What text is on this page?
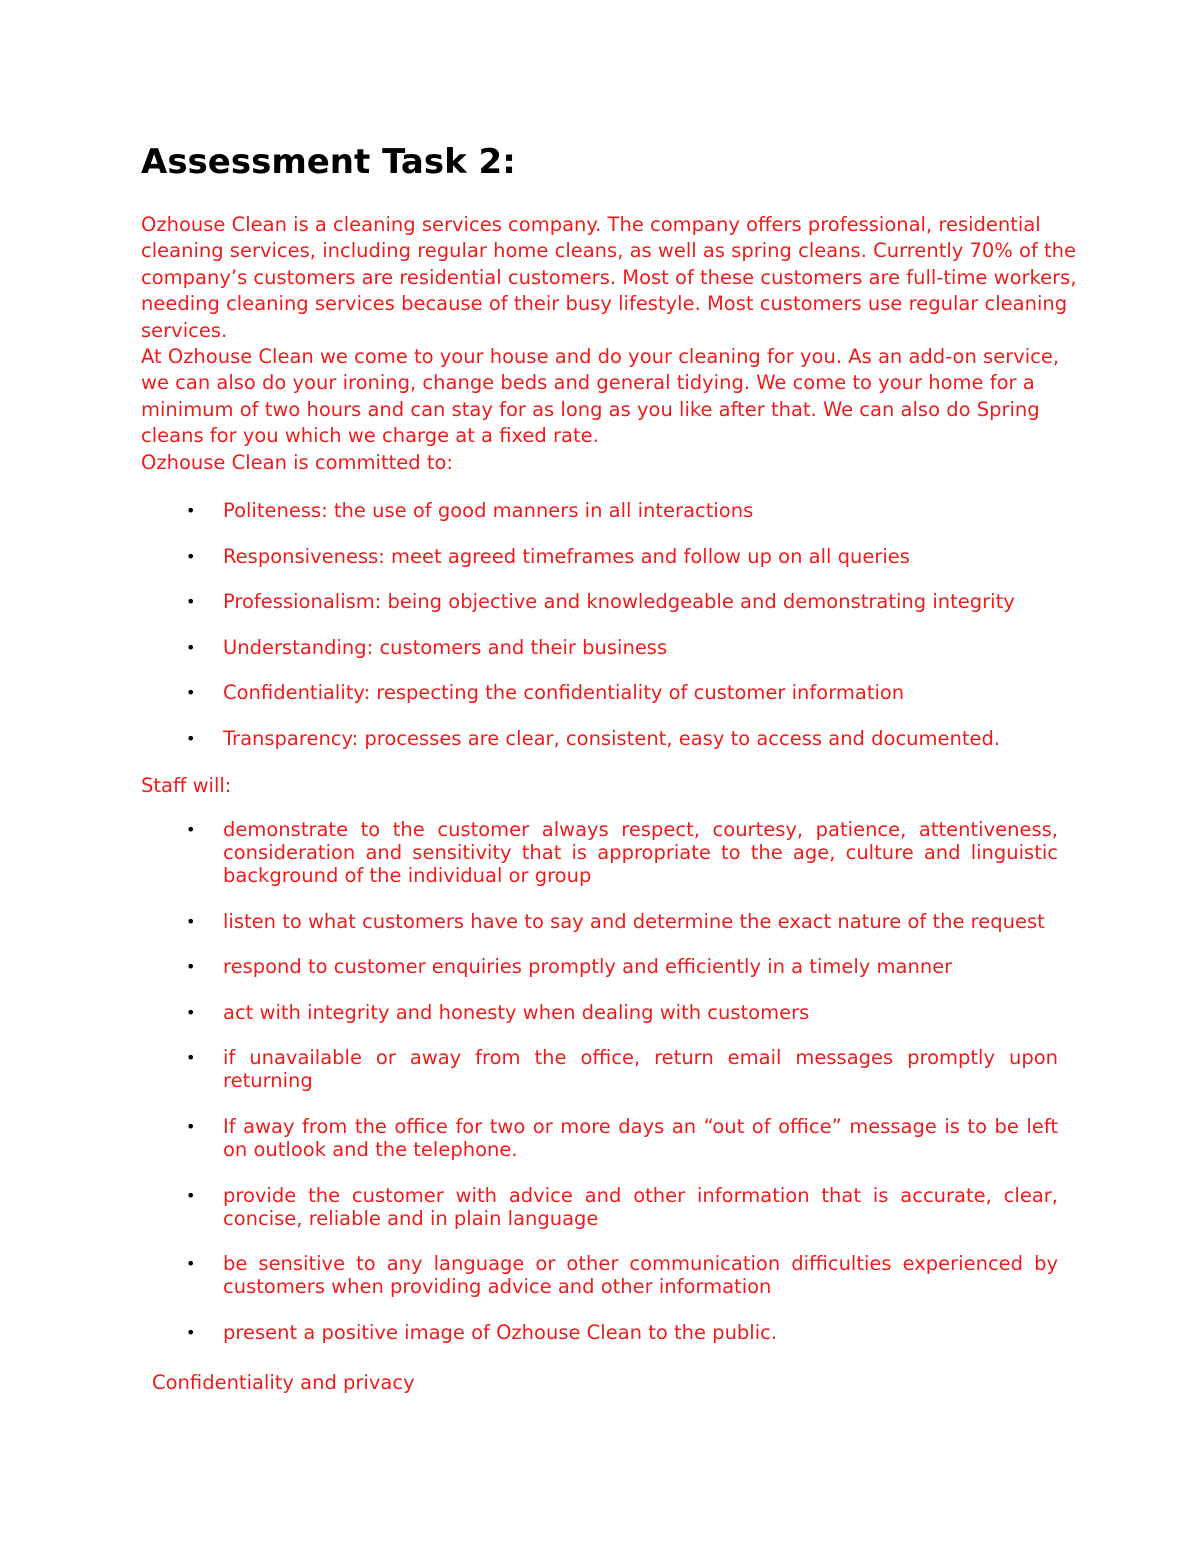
Assessment Task 2:

Ozhouse Clean is a cleaning services company. The company offers professional, residential cleaning services, including regular home cleans, as well as spring cleans. Currently 70% of the company’s customers are residential customers. Most of these customers are full-time workers, needing cleaning services because of their busy lifestyle. Most customers use regular cleaning services.

At Ozhouse Clean we come to your house and do your cleaning for you. As an add-on service, we can also do your ironing, change beds and general tidying. We come to your home for a minimum of two hours and can stay for as long as you like after that. We can also do Spring cleans for you which we charge at a fixed rate.

Ozhouse Clean is committed to:

• Politeness: the use of good manners in all interactions
• Responsiveness: meet agreed timeframes and follow up on all queries
• Professionalism: being objective and knowledgeable and demonstrating integrity
• Understanding: customers and their business
• Confidentiality: respecting the confidentiality of customer information
• Transparency: processes are clear, consistent, easy to access and documented.

Staff will:

• demonstrate to the customer always respect, courtesy, patience, attentiveness, consideration and sensitivity that is appropriate to the age, culture and linguistic background of the individual or group
• listen to what customers have to say and determine the exact nature of the request
• respond to customer enquiries promptly and efficiently in a timely manner
• act with integrity and honesty when dealing with customers
• if unavailable or away from the office, return email messages promptly upon returning
• If away from the office for two or more days an “out of office” message is to be left on outlook and the telephone.
• provide the customer with advice and other information that is accurate, clear, concise, reliable and in plain language
• be sensitive to any language or other communication difficulties experienced by customers when providing advice and other information
• present a positive image of Ozhouse Clean to the public.

Confidentiality and privacy
